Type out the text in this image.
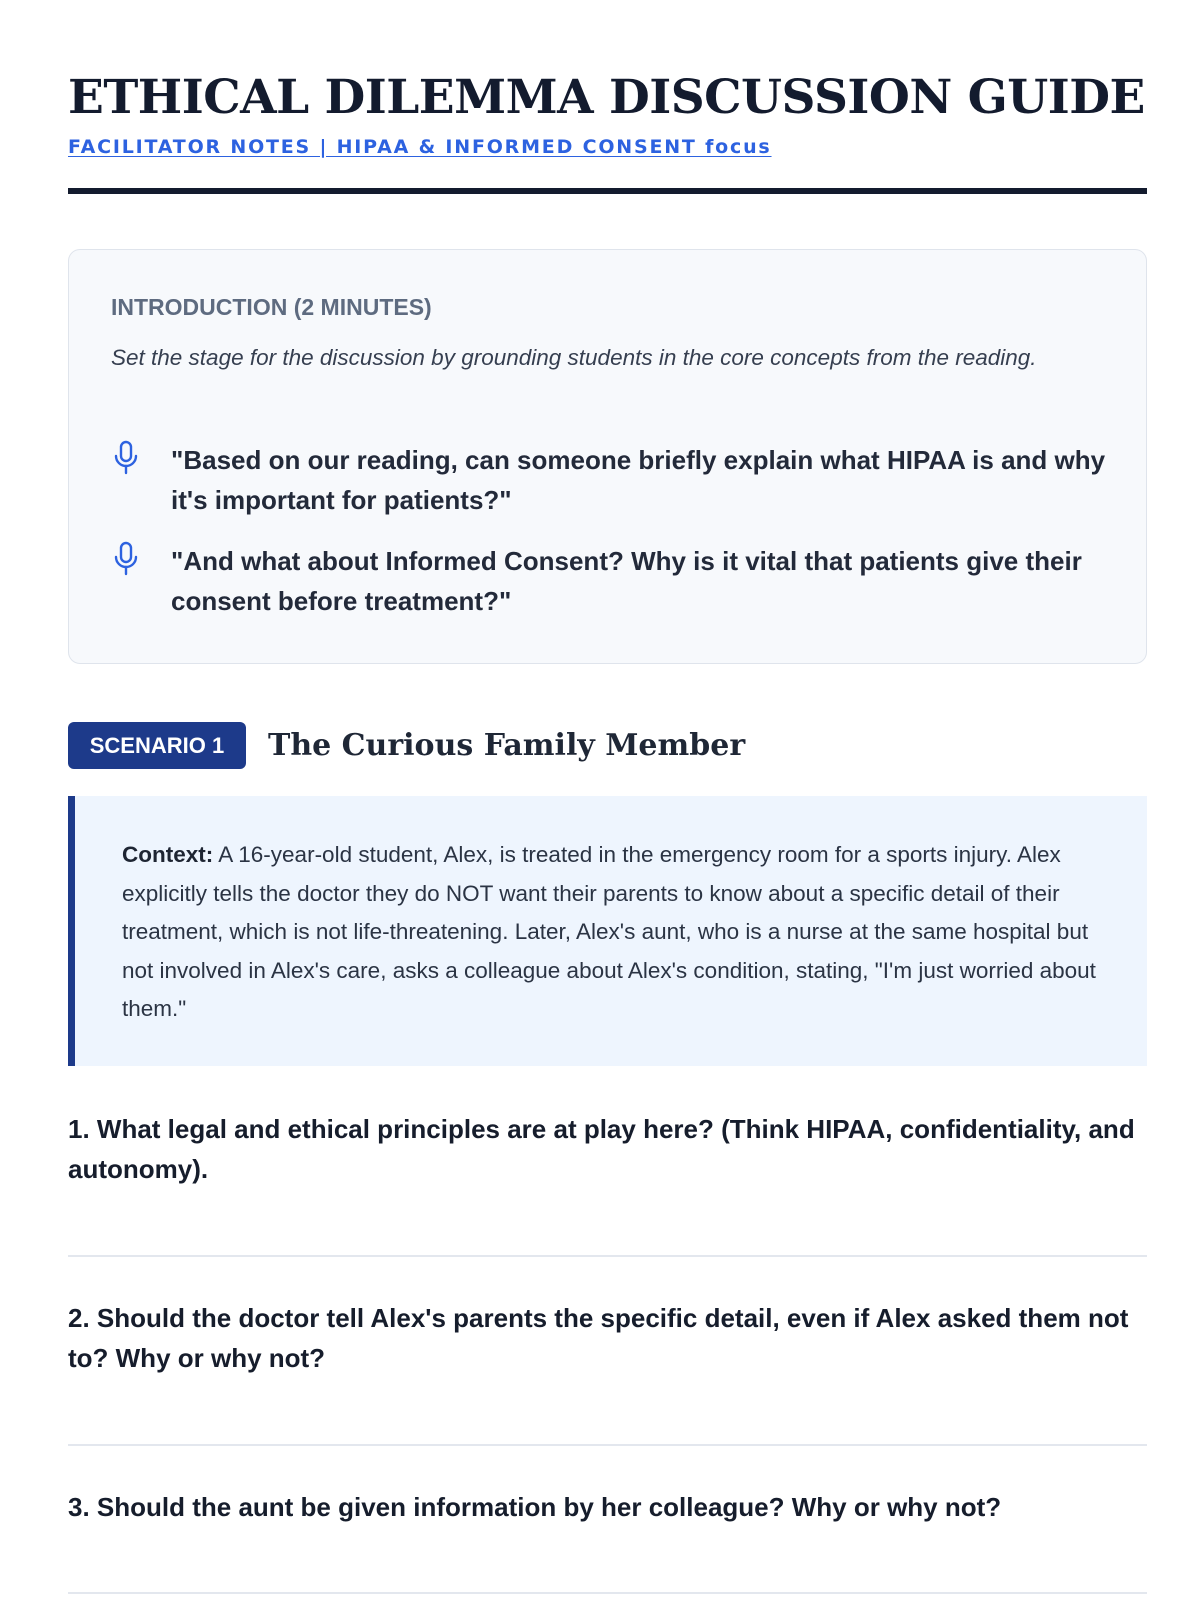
ETHICAL DILEMMA DISCUSSION GUIDE
FACILITATOR NOTES | HIPAA & INFORMED CONSENT focus
INTRODUCTION (2 MINUTES)
Set the stage for the discussion by grounding students in the core concepts from the reading.
"Based on our reading, can someone briefly explain what HIPAA is and why it's important for patients?"
"And what about Informed Consent? Why is it vital that patients give their consent before treatment?"
SCENARIO 1	The Curious Family Member

Context: A 16-year-old student, Alex, is treated in the emergency room for a sports injury. Alex explicitly tells the doctor they do NOT want their parents to know about a specific detail of their treatment, which is not life-threatening. Later, Alex's aunt, who is a nurse at the same hospital but not involved in Alex's care, asks a colleague about Alex's condition, stating, "I'm just worried about them."

1. What legal and ethical principles are at play here? (Think HIPAA, confidentiality, and autonomy).
2. Should the doctor tell Alex's parents the specific detail, even if Alex asked them not to? Why or why not?
3. Should the aunt be given information by her colleague? Why or why not?
